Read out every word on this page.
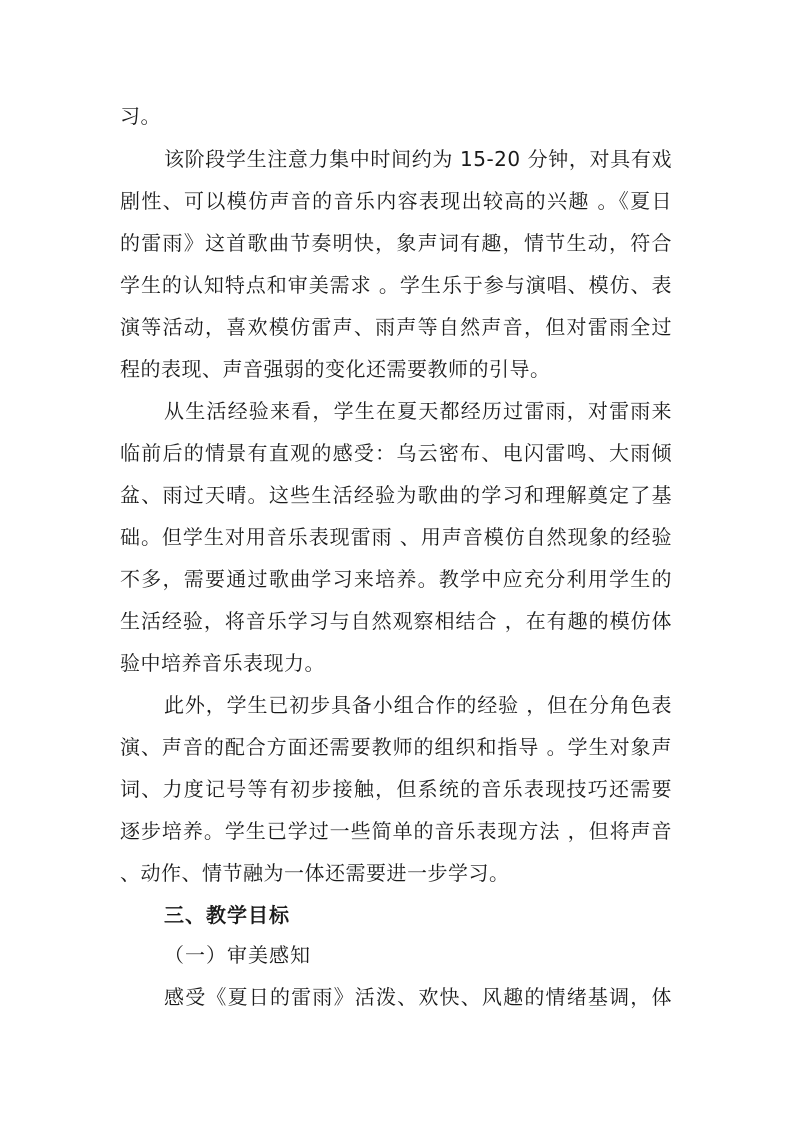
习。
该阶段学生注意力集中时间约为 15-20 分钟，对具有戏
剧性、可以模仿声音的音乐内容表现出较高的兴趣 。《夏日
的雷雨》这首歌曲节奏明快，象声词有趣，情节生动，符合
学生的认知特点和审美需求 。学生乐于参与演唱、模仿、表
演等活动，喜欢模仿雷声、雨声等自然声音，但对雷雨全过
程的表现、声音强弱的变化还需要教师的引导。
从生活经验来看，学生在夏天都经历过雷雨，对雷雨来
临前后的情景有直观的感受：乌云密布、电闪雷鸣、大雨倾
盆、雨过天晴。这些生活经验为歌曲的学习和理解奠定了基
础。但学生对用音乐表现雷雨 、用声音模仿自然现象的经验
不多，需要通过歌曲学习来培养。教学中应充分利用学生的
生活经验，将音乐学习与自然观察相结合 ，在有趣的模仿体
验中培养音乐表现力。
此外，学生已初步具备小组合作的经验 ，但在分角色表
演、声音的配合方面还需要教师的组织和指导 。学生对象声
词、力度记号等有初步接触，但系统的音乐表现技巧还需要
逐步培养。学生已学过一些简单的音乐表现方法 ，但将声音
、动作、情节融为一体还需要进一步学习。
三、教学目标
（一）审美感知
感受《夏日的雷雨》活泼、欢快、风趣的情绪基调，体
